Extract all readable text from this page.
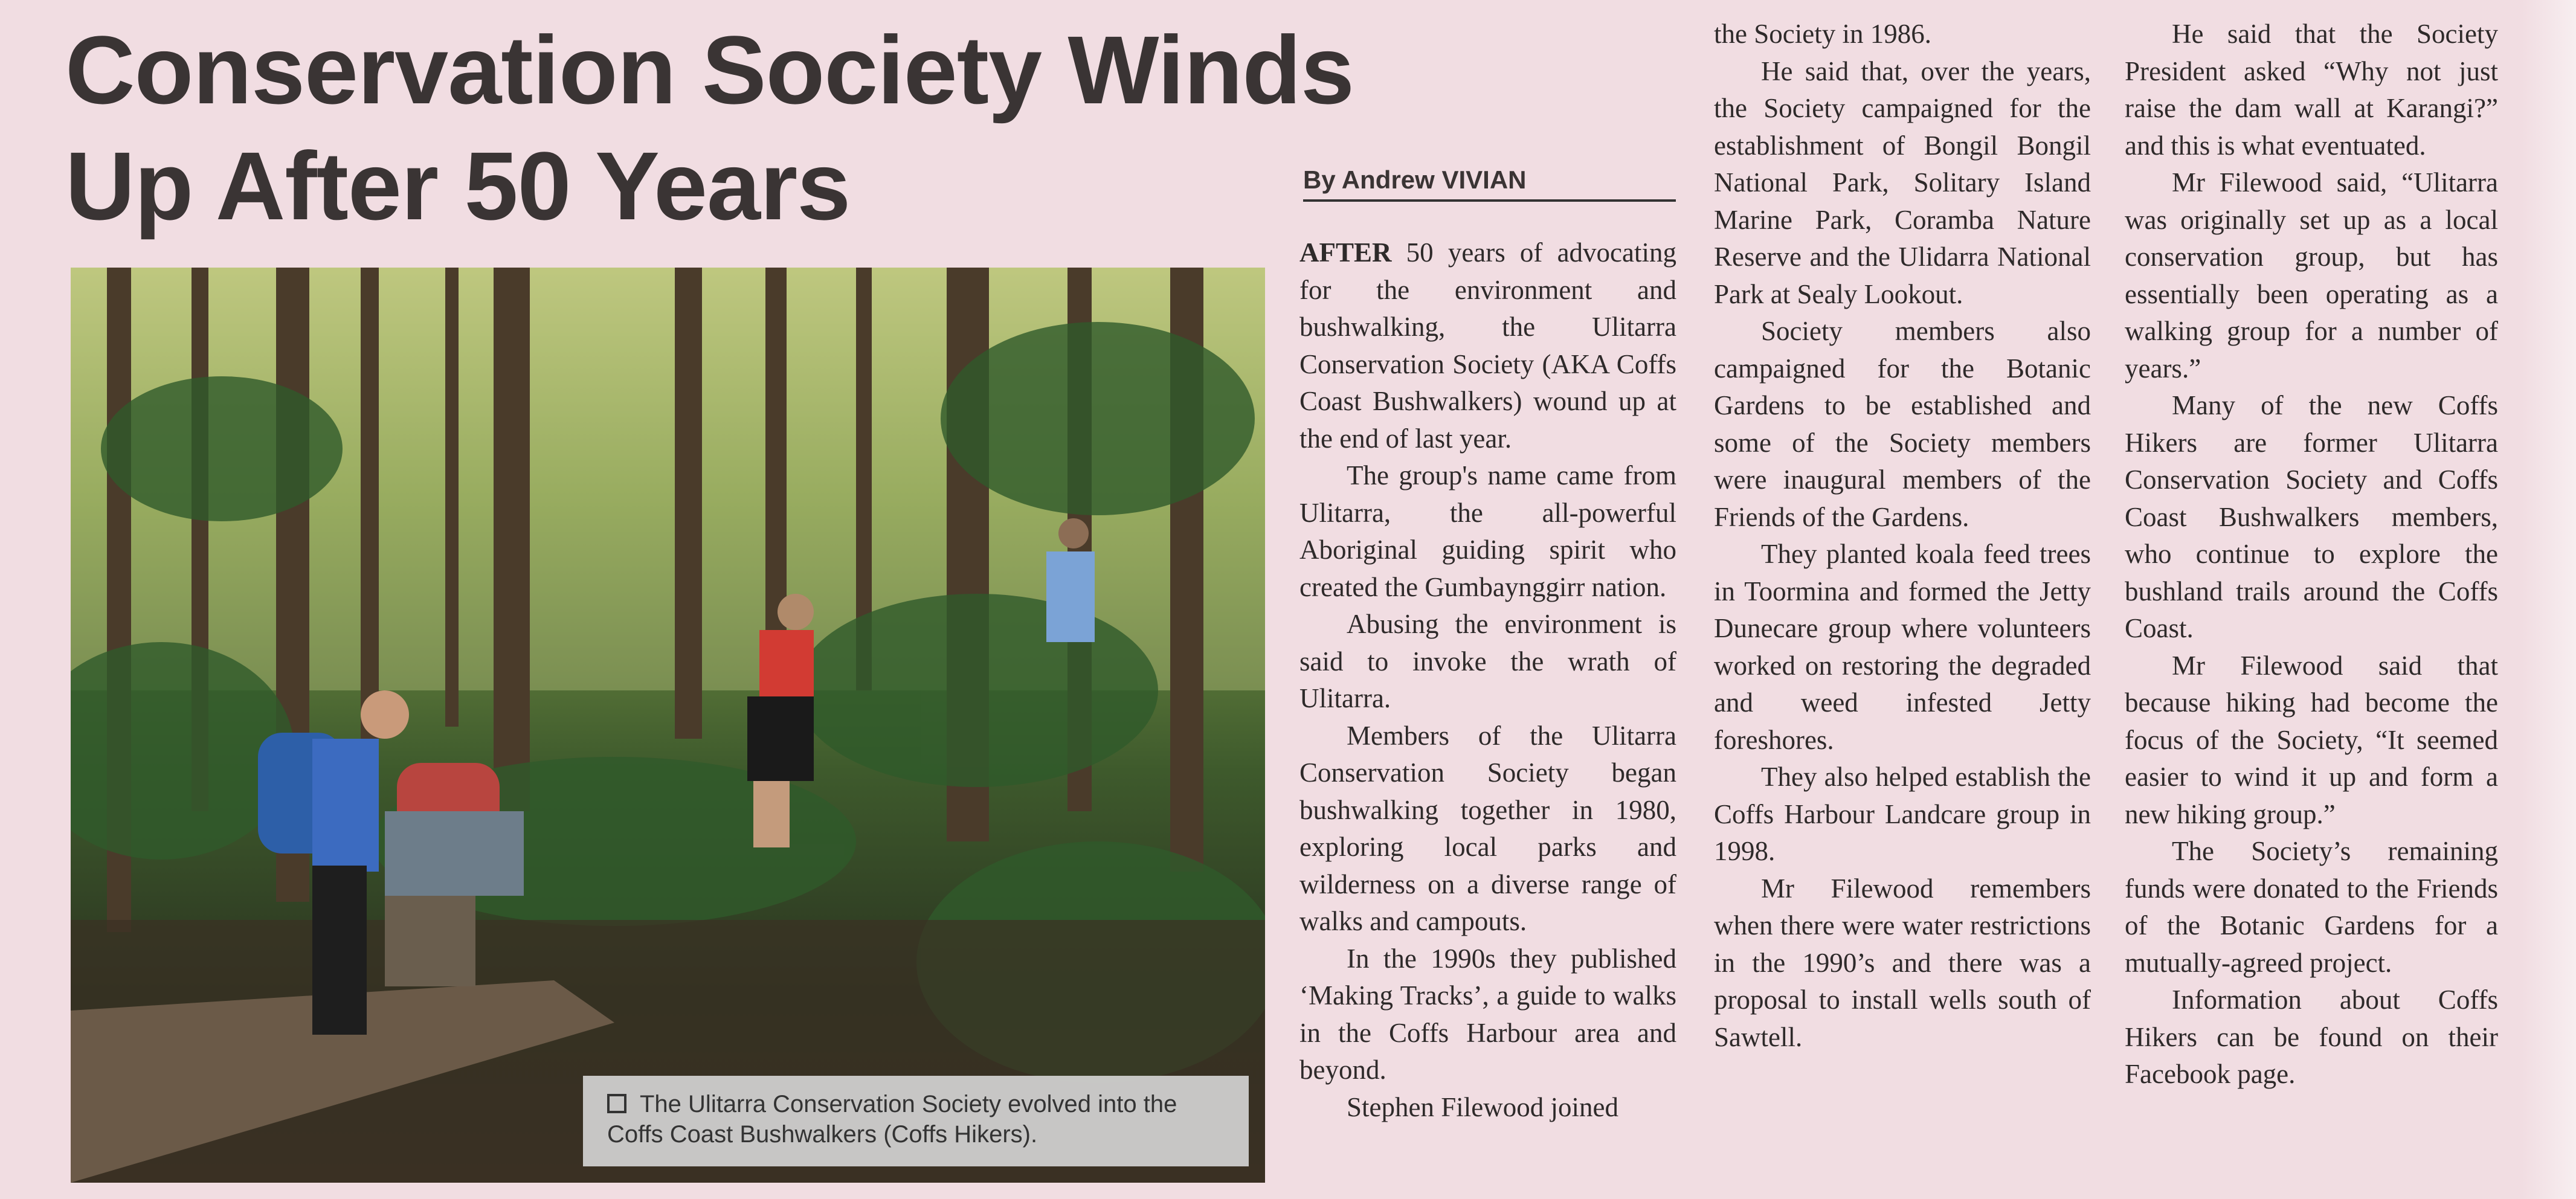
Conservation Society Winds
Up After 50 Years
The Ulitarra Conservation Society evolved into the Coffs Coast Bushwalkers (Coffs Hikers).
By Andrew VIVIAN

AFTER 50 years of advocating for the environment and bushwalking, the Ulitarra Conservation Society (AKA Coffs Coast Bushwalkers) wound up at the end of last year.

The group's name came from Ulitarra, the all-powerful Aboriginal guiding spirit who created the Gumbaynggirr nation.

Abusing the environment is said to invoke the wrath of Ulitarra.

Members of the Ulitarra Conservation Society began bushwalking together in 1980, exploring local parks and wilderness on a diverse range of walks and campouts.

In the 1990s they published ‘Making Tracks’, a guide to walks in the Coffs Harbour area and beyond.

Stephen Filewood joined

the Society in 1986.

He said that, over the years, the Society campaigned for the establishment of Bongil Bongil National Park, Solitary Island Marine Park, Coramba Nature Reserve and the Ulidarra National Park at Sealy Lookout.

Society members also campaigned for the Botanic Gardens to be established and some of the Society members were inaugural members of the Friends of the Gardens.

They planted koala feed trees in Toormina and formed the Jetty Dunecare group where volunteers worked on restoring the degraded and weed infested Jetty foreshores.

They also helped establish the Coffs Harbour Landcare group in 1998.

Mr Filewood remembers when there were water restrictions in the 1990’s and there was a proposal to install wells south of Sawtell.

He said that the Society President asked “Why not just raise the dam wall at Karangi?” and this is what eventuated.

Mr Filewood said, “Ulitarra was originally set up as a local conservation group, but has essentially been operating as a walking group for a number of years.”

Many of the new Coffs Hikers are former Ulitarra Conservation Society and Coffs Coast Bushwalkers members, who continue to explore the bushland trails around the Coffs Coast.

Mr Filewood said that because hiking had become the focus of the Society, “It seemed easier to wind it up and form a new hiking group.”

The Society’s remaining funds were donated to the Friends of the Botanic Gardens for a mutually-agreed project.

Information about Coffs Hikers can be found on their Facebook page.
